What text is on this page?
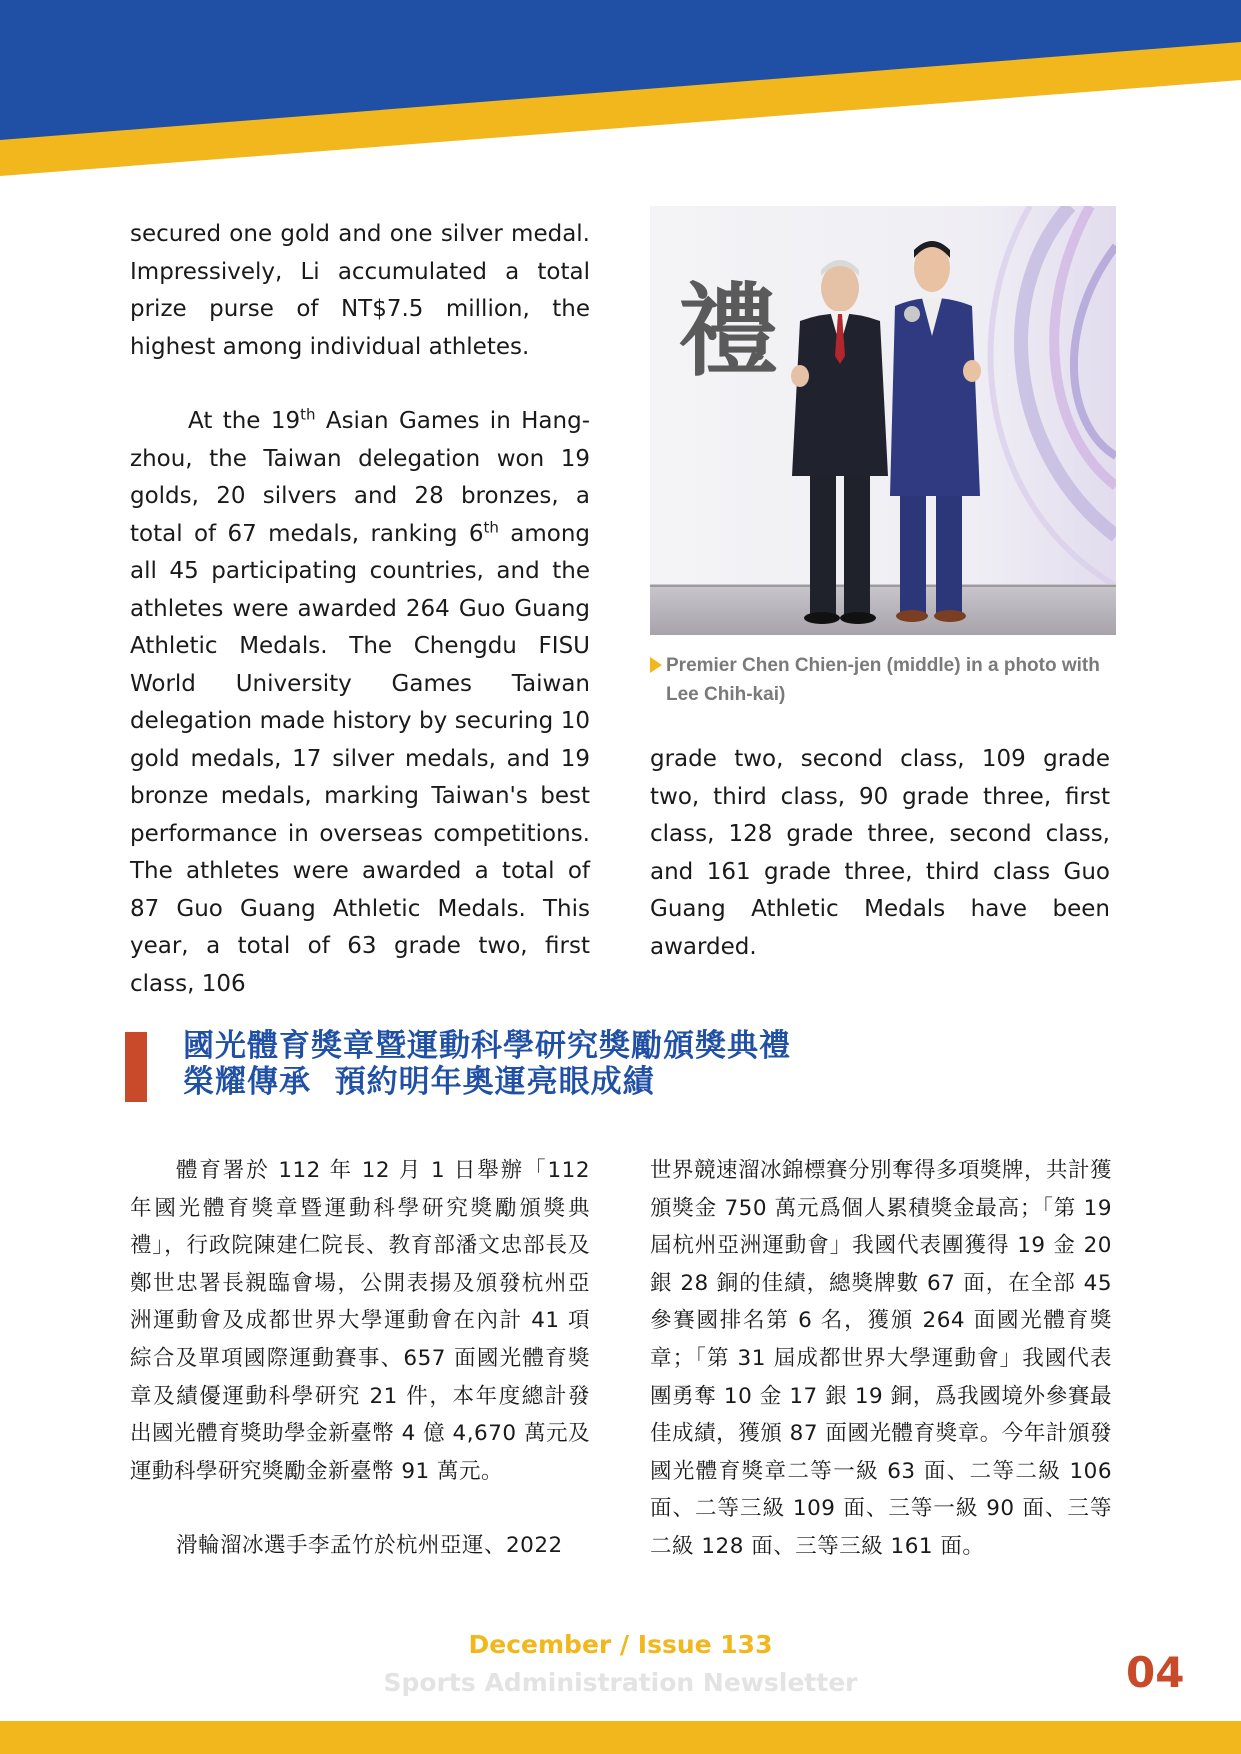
secured one gold and one silver medal. Impressively, Li accumulated a total prize purse of NT$7.5 million, the highest among individual athletes.

At the 19th Asian Games in Hangzhou, the Taiwan delegation won 19 golds, 20 silvers and 28 bronzes, a total of 67 medals, ranking 6th among all 45 participating countries, and the athletes were awarded 264 Guo Guang Athletic Medals. The Chengdu FISU World University Games Taiwan delegation made history by securing 10 gold medals, 17 silver medals, and 19 bronze medals, marking Taiwan's best performance in overseas competitions. The athletes were awarded a total of 87 Guo Guang Athletic Medals. This year, a total of 63 grade two, first class, 106

禮
Premier Chen Chien-jen (middle) in a photo with Lee Chih-kai)

grade two, second class, 109 grade two, third class, 90 grade three, first class, 128 grade three, second class, and 161 grade three, third class Guo Guang Athletic Medals have been awarded.

國光體育獎章暨運動科學研究獎勵頒獎典禮
榮耀傳承  預約明年奧運亮眼成績

體育署於 112 年 12 月 1 日舉辦「112 年國光體育獎章暨運動科學研究獎勵頒獎典禮」，行政院陳建仁院長、教育部潘文忠部長及鄭世忠署長親臨會場，公開表揚及頒發杭州亞洲運動會及成都世界大學運動會在內計 41 項綜合及單項國際運動賽事、657 面國光體育獎章及績優運動科學研究 21 件，本年度總計發出國光體育獎助學金新臺幣 4 億 4,670 萬元及運動科學研究獎勵金新臺幣 91 萬元。

滑輪溜冰選手李孟竹於杭州亞運、2022

世界競速溜冰錦標賽分別奪得多項獎牌，共計獲頒獎金 750 萬元爲個人累積獎金最高；「第 19 屆杭州亞洲運動會」我國代表團獲得 19 金 20 銀 28 銅的佳績，總獎牌數 67 面，在全部 45 參賽國排名第 6 名，獲頒 264 面國光體育獎章；「第 31 屆成都世界大學運動會」我國代表團勇奪 10 金 17 銀 19 銅，爲我國境外參賽最佳成績，獲頒 87 面國光體育獎章。今年計頒發國光體育獎章二等一級 63 面、二等二級 106 面、二等三級 109 面、三等一級 90 面、三等二級 128 面、三等三級 161 面。

December / Issue 133
Sports Administration Newsletter	04
